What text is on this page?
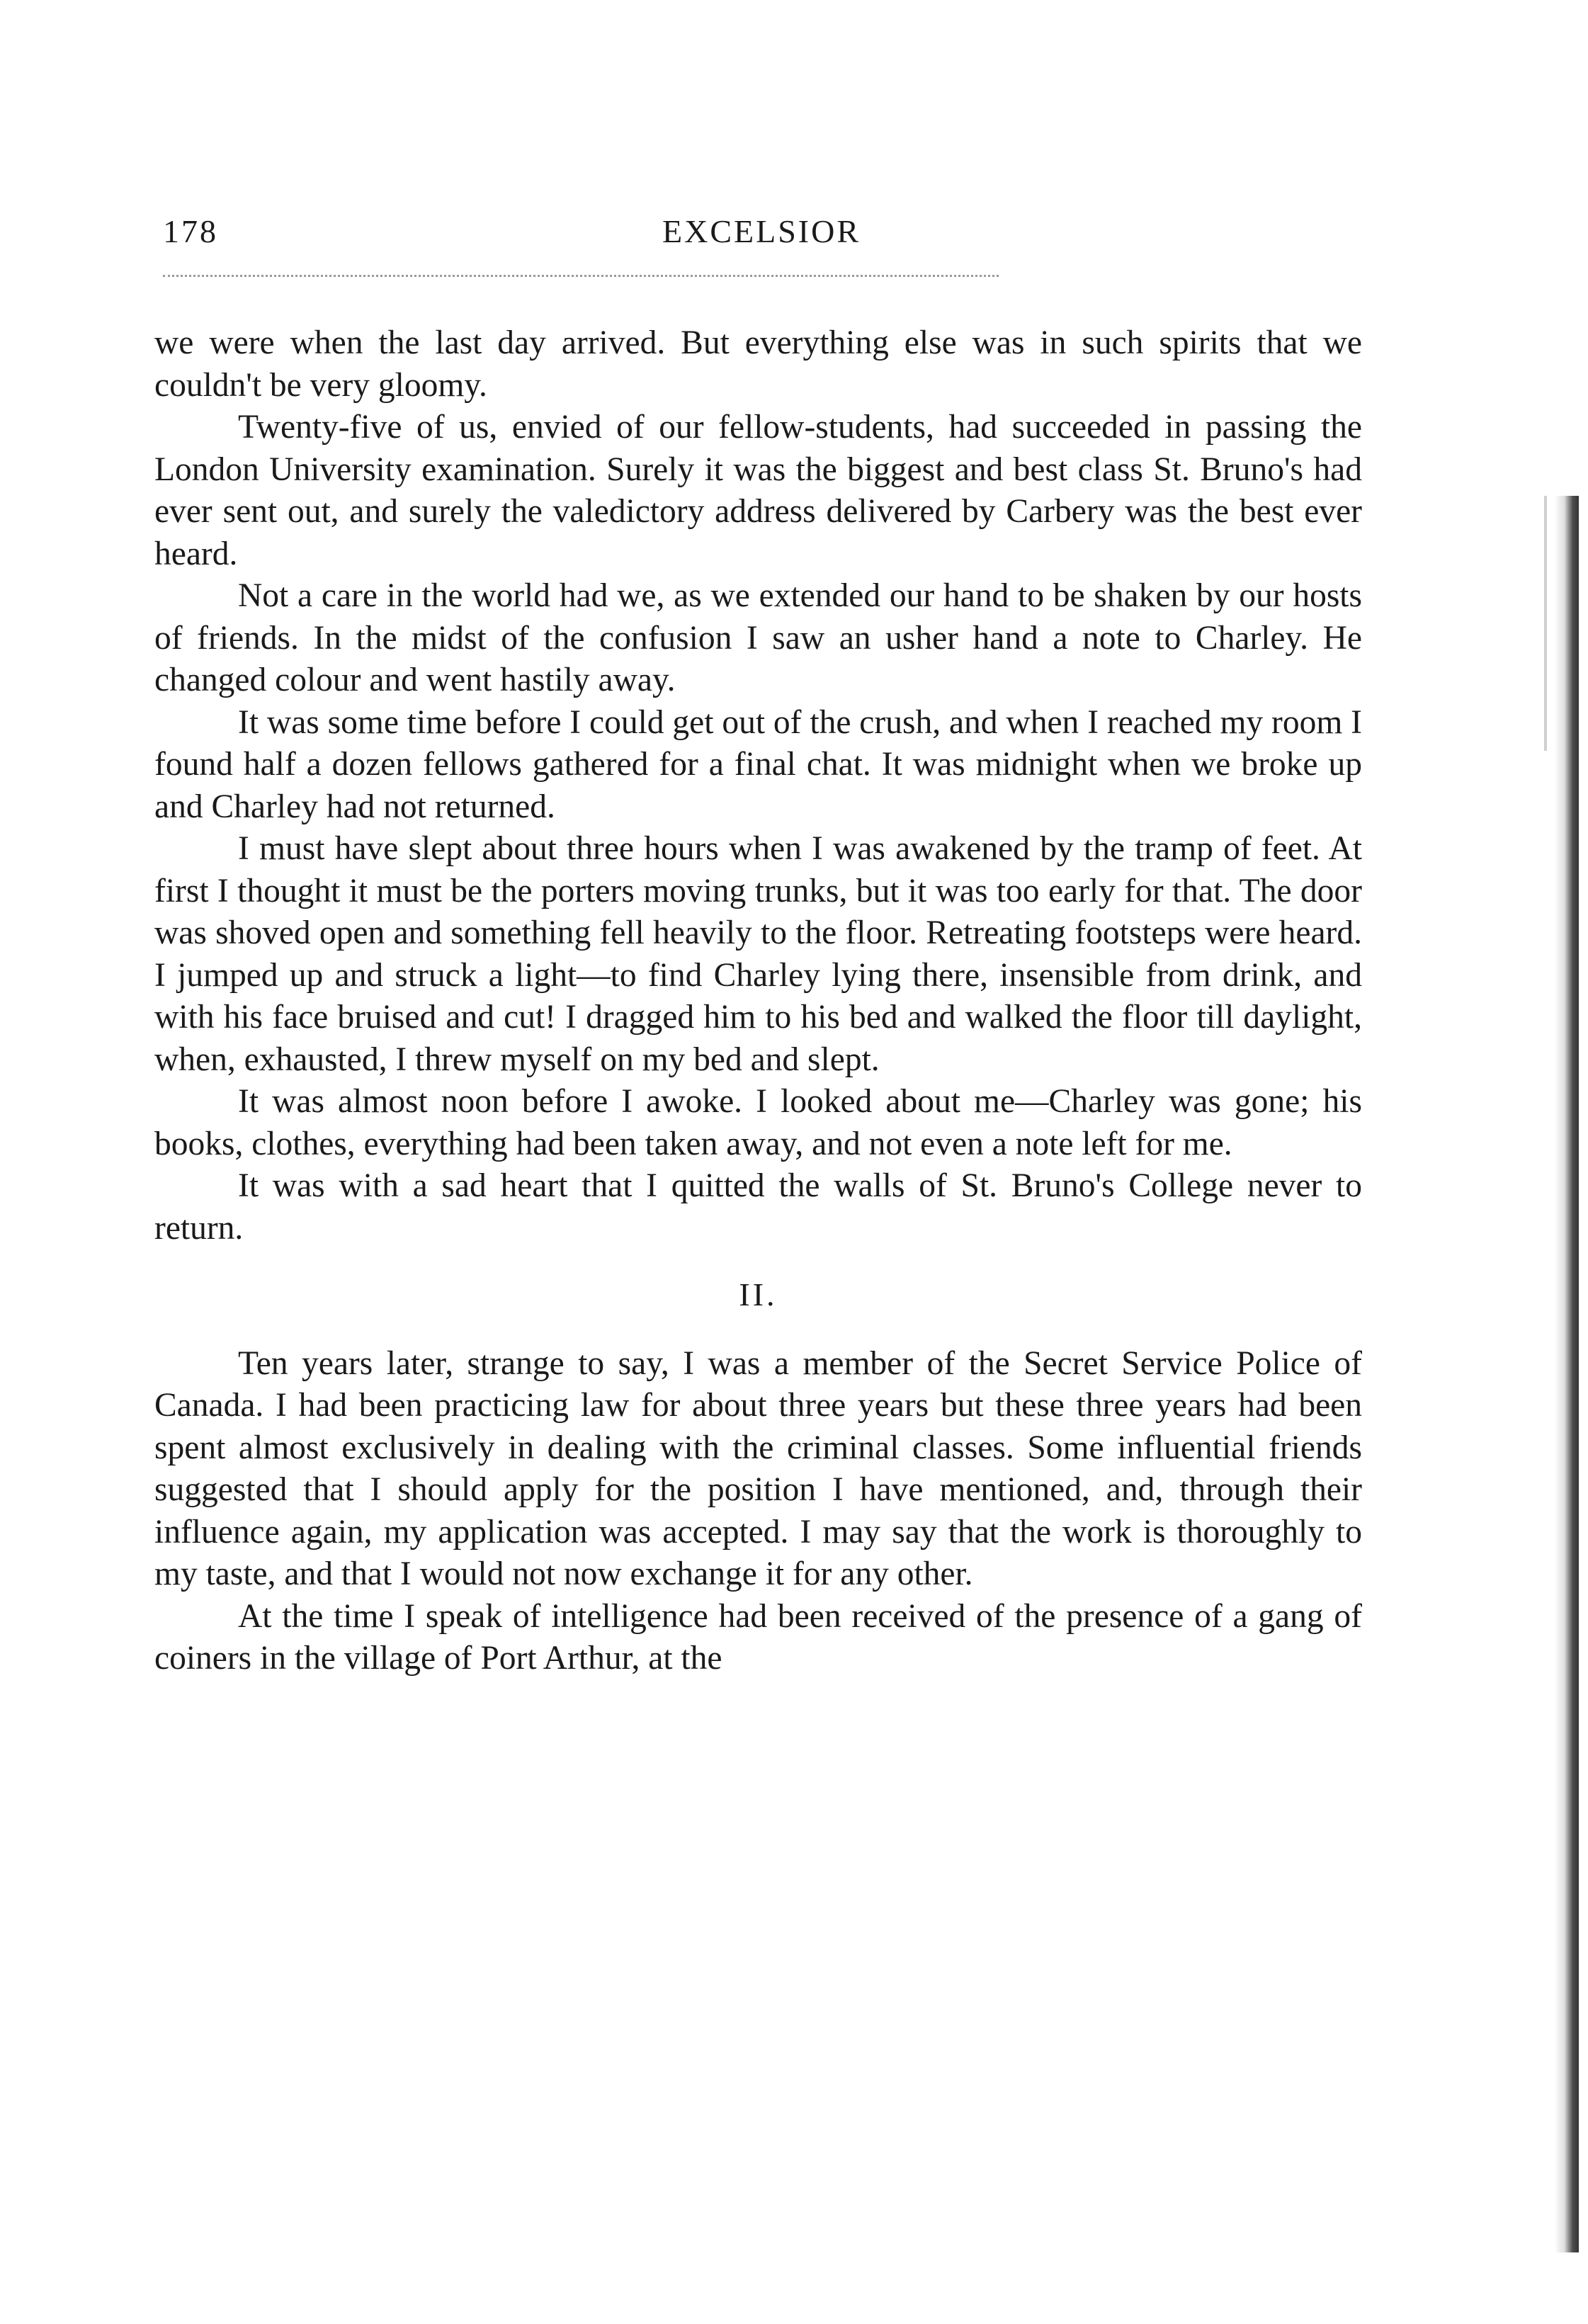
178	EXCELSIOR

we were when the last day arrived. But everything else was in such spirits that we couldn't be very gloomy.

Twenty-five of us, envied of our fellow-students, had succeeded in passing the London University examination. Surely it was the biggest and best class St. Bruno's had ever sent out, and surely the valedictory address delivered by Carbery was the best ever heard.

Not a care in the world had we, as we extended our hand to be shaken by our hosts of friends. In the midst of the confusion I saw an usher hand a note to Charley. He changed colour and went hastily away.

It was some time before I could get out of the crush, and when I reached my room I found half a dozen fellows gathered for a final chat. It was midnight when we broke up and Charley had not returned.

I must have slept about three hours when I was awakened by the tramp of feet. At first I thought it must be the porters moving trunks, but it was too early for that. The door was shoved open and something fell heavily to the floor. Retreating footsteps were heard. I jumped up and struck a light—to find Charley lying there, insensible from drink, and with his face bruised and cut! I dragged him to his bed and walked the floor till daylight, when, exhausted, I threw myself on my bed and slept.

It was almost noon before I awoke. I looked about me—Charley was gone; his books, clothes, everything had been taken away, and not even a note left for me.

It was with a sad heart that I quitted the walls of St. Bruno's College never to return.

II.

Ten years later, strange to say, I was a member of the Secret Service Police of Canada. I had been practicing law for about three years but these three years had been spent almost exclusively in dealing with the criminal classes. Some influential friends suggested that I should apply for the position I have mentioned, and, through their influence again, my application was accepted. I may say that the work is thoroughly to my taste, and that I would not now exchange it for any other.

At the time I speak of intelligence had been received of the presence of a gang of coiners in the village of Port Arthur, at the
